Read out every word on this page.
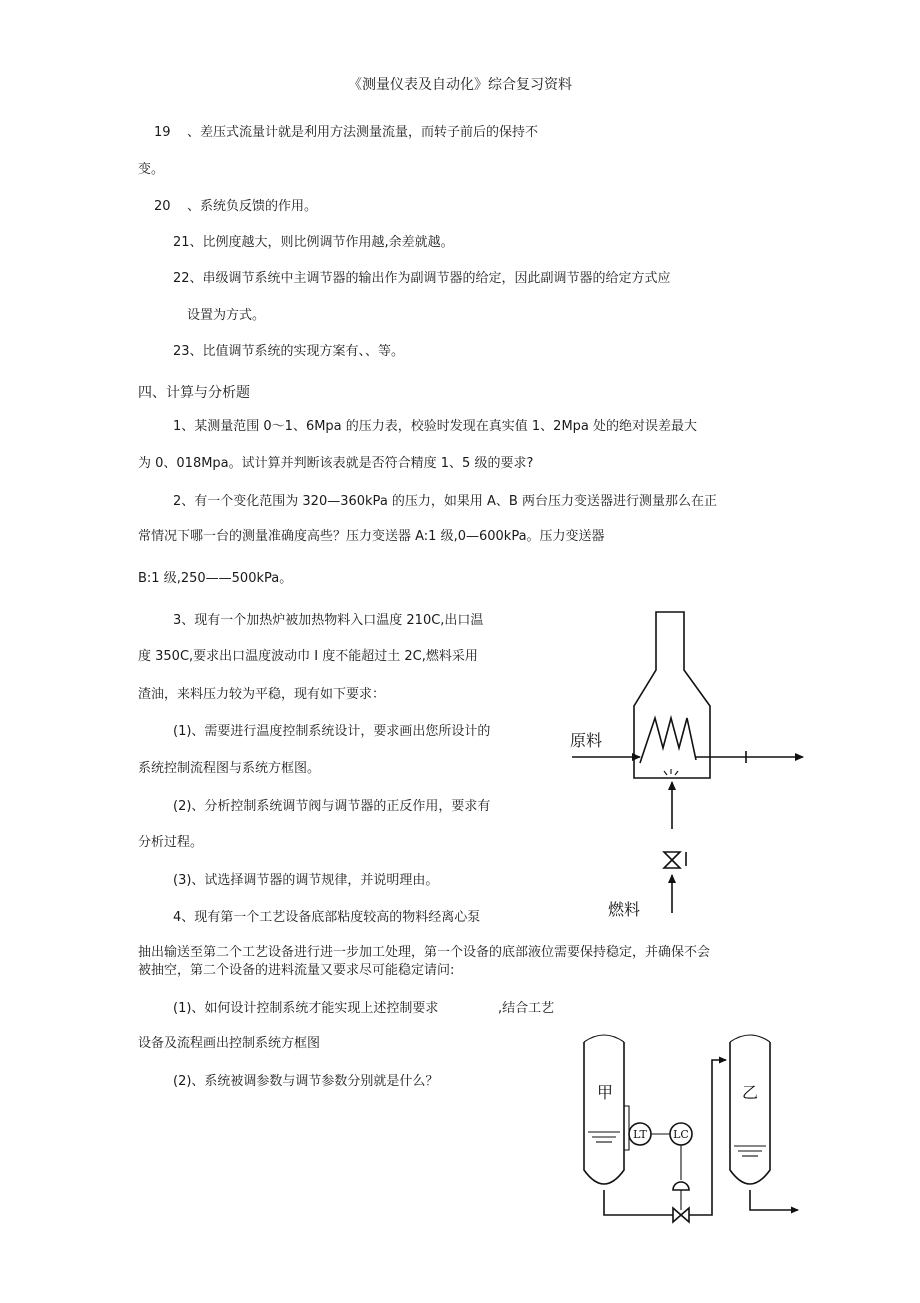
《测量仪表及自动化》综合复习资料
19 、差压式流量计就是利用方法测量流量，而转子前后的保持不
变。
20 、系统负反馈的作用。
21、比例度越大，则比例调节作用越,余差就越。
22、串级调节系统中主调节器的输出作为副调节器的给定，因此副调节器的给定方式应
设置为方式。
23、比值调节系统的实现方案有、、等。
四、计算与分析题
1、某测量范围 0〜1、6Mpa 的压力表，校验时发现在真实值 1、2Mpa 处的绝对误差最大
为 0、018Mpa。试计算并判断该表就是否符合精度 1、5 级的要求?
2、有一个变化范围为 320—360kPa 的压力，如果用 A、B 两台压力变送器进行测量那么在正
常情况下哪一台的测量准确度高些？压力变送器 A:1 级,0—600kPa。压力变送器
B:1 级,250——500kPa。
3、现有一个加热炉被加热物料入口温度 210C,出口温
度 350C,要求出口温度波动巾 I 度不能超过土 2C,燃料采用
渣油，来料压力较为平稳，现有如下要求：
(1)、需要进行温度控制系统设计，要求画出您所设计的
系统控制流程图与系统方框图。
(2)、分析控制系统调节阀与调节器的正反作用，要求有
分析过程。
(3)、试选择调节器的调节规律，并说明理由。
4、现有第一个工艺设备底部粘度较高的物料经离心泵
抽出输送至第二个工艺设备进行进一步加工处理，第一个设备的底部液位需要保持稳定，并确保不会
被抽空，第二个设备的进料流量又要求尽可能稳定请问:
(1)、如何设计控制系统才能实现上述控制要求	,结合工艺
设备及流程画出控制系统方框图
(2)、系统被调参数与调节参数分别就是什么？
原料
燃料
甲	乙
LT LC
